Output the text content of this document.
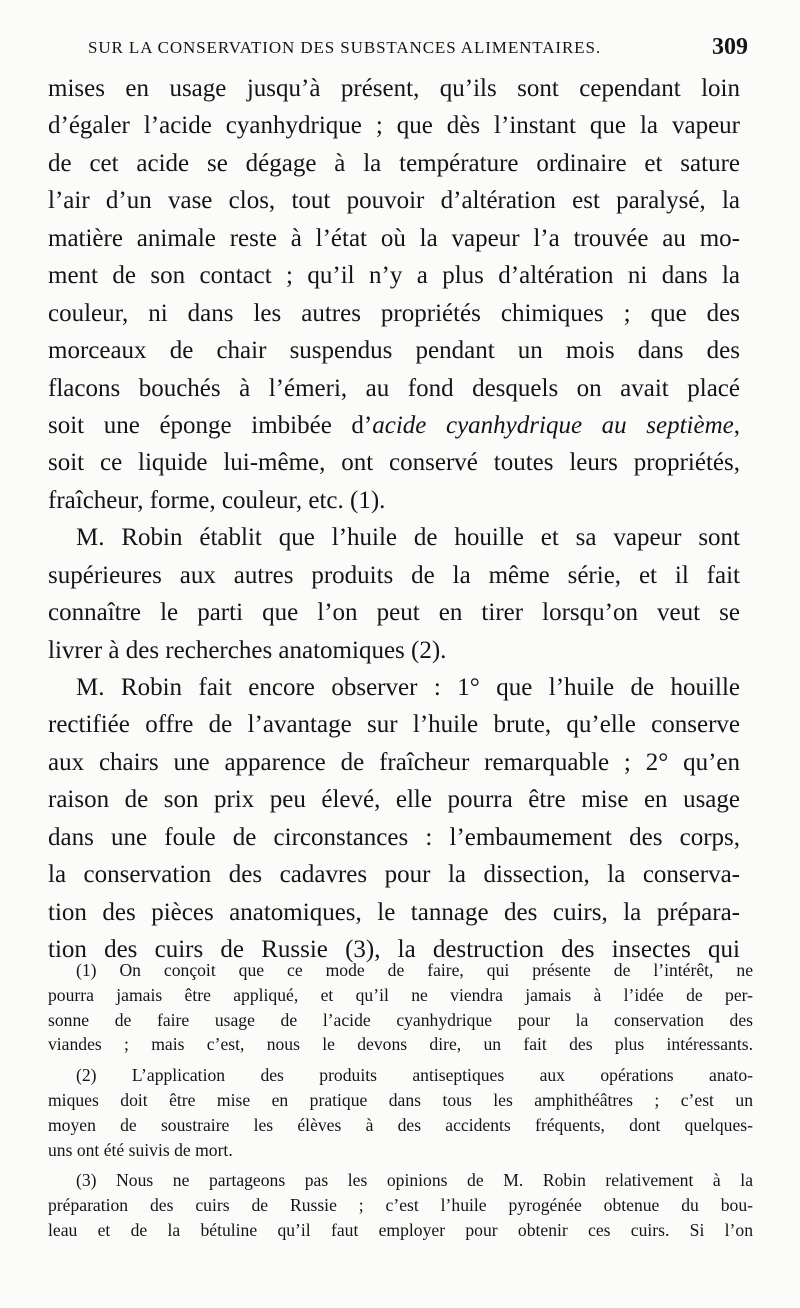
SUR LA CONSERVATION DES SUBSTANCES ALIMENTAIRES.	309
mises en usage jusqu’à présent, qu’ils sont cependant loin
d’égaler l’acide cyanhydrique ; que dès l’instant que la vapeur
de cet acide se dégage à la température ordinaire et sature
l’air d’un vase clos, tout pouvoir d’altération est paralysé, la
matière animale reste à l’état où la vapeur l’a trouvée au mo-
ment de son contact ; qu’il n’y a plus d’altération ni dans la
couleur, ni dans les autres propriétés chimiques ; que des
morceaux de chair suspendus pendant un mois dans des
flacons bouchés à l’émeri, au fond desquels on avait placé
soit une éponge imbibée d’acide cyanhydrique au septième,
soit ce liquide lui-même, ont conservé toutes leurs propriétés,
fraîcheur, forme, couleur, etc. (1).
M. Robin établit que l’huile de houille et sa vapeur sont
supérieures aux autres produits de la même série, et il fait
connaître le parti que l’on peut en tirer lorsqu’on veut se
livrer à des recherches anatomiques (2).
M. Robin fait encore observer : 1° que l’huile de houille
rectifiée offre de l’avantage sur l’huile brute, qu’elle conserve
aux chairs une apparence de fraîcheur remarquable ; 2° qu’en
raison de son prix peu élevé, elle pourra être mise en usage
dans une foule de circonstances : l’embaumement des corps,
la conservation des cadavres pour la dissection, la conserva-
tion des pièces anatomiques, le tannage des cuirs, la prépara-
tion des cuirs de Russie (3), la destruction des insectes qui
(1) On conçoit que ce mode de faire, qui présente de l’intérêt, ne
pourra jamais être appliqué, et qu’il ne viendra jamais à l’idée de per-
sonne de faire usage de l’acide cyanhydrique pour la conservation des
viandes ; mais c’est, nous le devons dire, un fait des plus intéressants.
(2) L’application des produits antiseptiques aux opérations anato-
miques doit être mise en pratique dans tous les amphithéâtres ; c’est un
moyen de soustraire les élèves à des accidents fréquents, dont quelques-
uns ont été suivis de mort.
(3) Nous ne partageons pas les opinions de M. Robin relativement à la
préparation des cuirs de Russie ; c’est l’huile pyrogénée obtenue du bou-
leau et de la bétuline qu’il faut employer pour obtenir ces cuirs. Si l’on
